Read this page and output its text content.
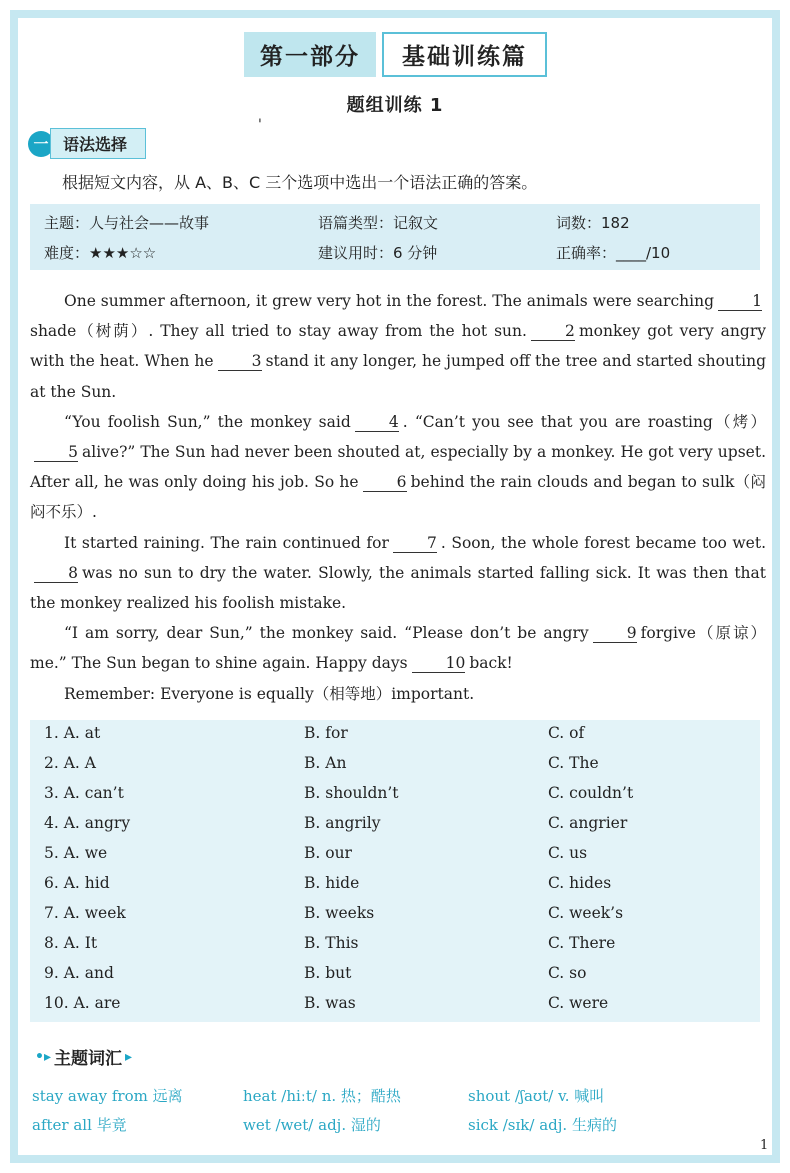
第一部分	基础训练篇
题组训练 1
'
一 语法选择
根据短文内容，从 A、B、C 三个选项中选出一个语法正确的答案。
主题：人与社会——故事	语篇类型：记叙文	词数：182
难度：★★★☆☆	建议用时：6 分钟	正确率：____/10

One summer afternoon, it grew very hot in the forest. The animals were searching 1shade（树荫）. They all tried to stay away from the hot sun. 2 monkey got very angry with the heat. When he 3 stand it any longer, he jumped off the tree and started shouting at the Sun.

“You foolish Sun,” the monkey said 4 . “Can’t you see that you are roasting（烤）5 alive?” The Sun had never been shouted at, especially by a monkey. He got very upset. After all, he was only doing his job. So he 6 behind the rain clouds and began to sulk（闷闷不乐）.

It started raining. The rain continued for 7 . Soon, the whole forest became too wet.8 was no sun to dry the water. Slowly, the animals started falling sick. It was then that the monkey realized his foolish mistake.

“I am sorry, dear Sun,” the monkey said. “Please don’t be angry 9 forgive（原谅）me.” The Sun began to shine again. Happy days 10 back!

Remember: Everyone is equally（相等地）important.

1. A. at	B. for	C. of
2. A. A	B. An	C. The
3. A. can’t	B. shouldn’t	C. couldn’t
4. A. angry	B. angrily	C. angrier
5. A. we	B. our	C. us
6. A. hid	B. hide	C. hides
7. A. week	B. weeks	C. week’s
8. A. It	B. This	C. There
9. A. and	B. but	C. so
10. A. are	B. was	C. were
•▸ 主题词汇 ▸
stay away from 远离	heat /hiːt/ n. 热；酷热	shout /ʃaʊt/ v. 喊叫
after all 毕竟	wet /wet/ adj. 湿的	sick /sɪk/ adj. 生病的
1
